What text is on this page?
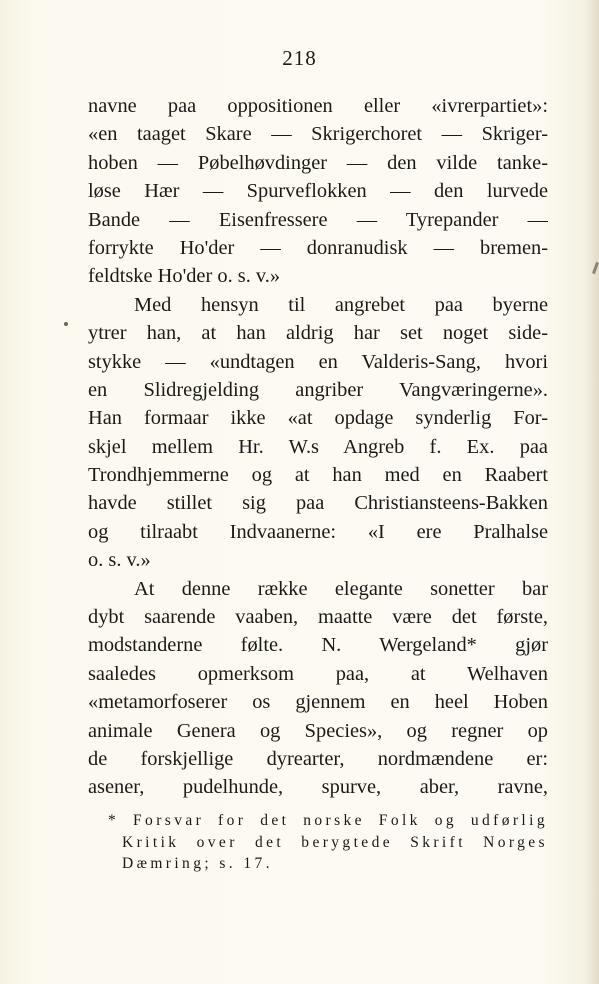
218
navne paa oppositionen eller «ivrerpartiet»:
«en taaget Skare — Skrigerchoret — Skriger-
hoben — Pøbelhøvdinger — den vilde tanke-
løse Hær — Spurveflokken — den lurvede
Bande — Eisenfressere — Tyrepander —
forrykte Ho'der — donranudisk — bremen-
feldtske Ho'der o. s. v.»
Med hensyn til angrebet paa byerne
ytrer han, at han aldrig har set noget side-
stykke — «undtagen en Valderis-Sang, hvori
en Slidregjelding angriber Vangværingerne».
Han formaar ikke «at opdage synderlig For-
skjel mellem Hr. W.s Angreb f. Ex. paa
Trondhjemmerne og at han med en Raabert
havde stillet sig paa Christiansteens-Bakken
og tilraabt Indvaanerne: «I ere Pralhalse
o. s. v.»
At denne række elegante sonetter bar
dybt saarende vaaben, maatte være det første,
modstanderne følte. N. Wergeland* gjør
saaledes opmerksom paa, at Welhaven
«metamorfoserer os gjennem en heel Hoben
animale Genera og Species», og regner op
de forskjellige dyrearter, nordmændene er:
asener, pudelhunde, spurve, aber, ravne,
* Forsvar for det norske Folk og udførlig
Kritik over det berygtede Skrift Norges
Dæmring; s. 17.
